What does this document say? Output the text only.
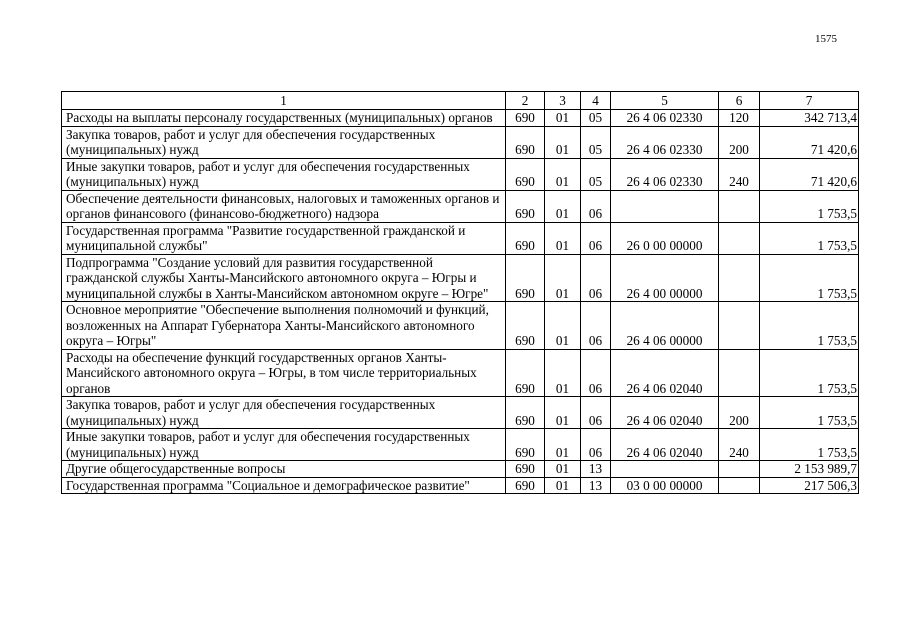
1575
1	2	3	4	5	6	7
Расходы на выплаты персоналу государственных (муниципальных) органов	690	01	05	26 4 06 02330	120	342 713,4
Закупка товаров, работ и услуг для обеспечения государственных (муниципальных) нужд	690	01	05	26 4 06 02330	200	71 420,6
Иные закупки товаров, работ и услуг для обеспечения государственных (муниципальных) нужд	690	01	05	26 4 06 02330	240	71 420,6
Обеспечение деятельности финансовых, налоговых и таможенных органов и органов финансового (финансово-бюджетного) надзора	690	01	06			1 753,5
Государственная программа "Развитие государственной гражданской и муниципальной службы"	690	01	06	26 0 00 00000		1 753,5
Подпрограмма "Создание условий для развития государственной гражданской службы Ханты-Мансийского автономного округа – Югры и муниципальной службы в Ханты-Мансийском автономном округе – Югре"	690	01	06	26 4 00 00000		1 753,5
Основное мероприятие "Обеспечение выполнения полномочий и функций, возложенных на Аппарат Губернатора Ханты-Мансийского автономного округа – Югры"	690	01	06	26 4 06 00000		1 753,5
Расходы на обеспечение функций государственных органов Ханты-Мансийского автономного округа – Югры, в том числе территориальных органов	690	01	06	26 4 06 02040		1 753,5
Закупка товаров, работ и услуг для обеспечения государственных (муниципальных) нужд	690	01	06	26 4 06 02040	200	1 753,5
Иные закупки товаров, работ и услуг для обеспечения государственных (муниципальных) нужд	690	01	06	26 4 06 02040	240	1 753,5
Другие общегосударственные вопросы	690	01	13			2 153 989,7
Государственная программа "Социальное и демографическое развитие"	690	01	13	03 0 00 00000		217 506,3
